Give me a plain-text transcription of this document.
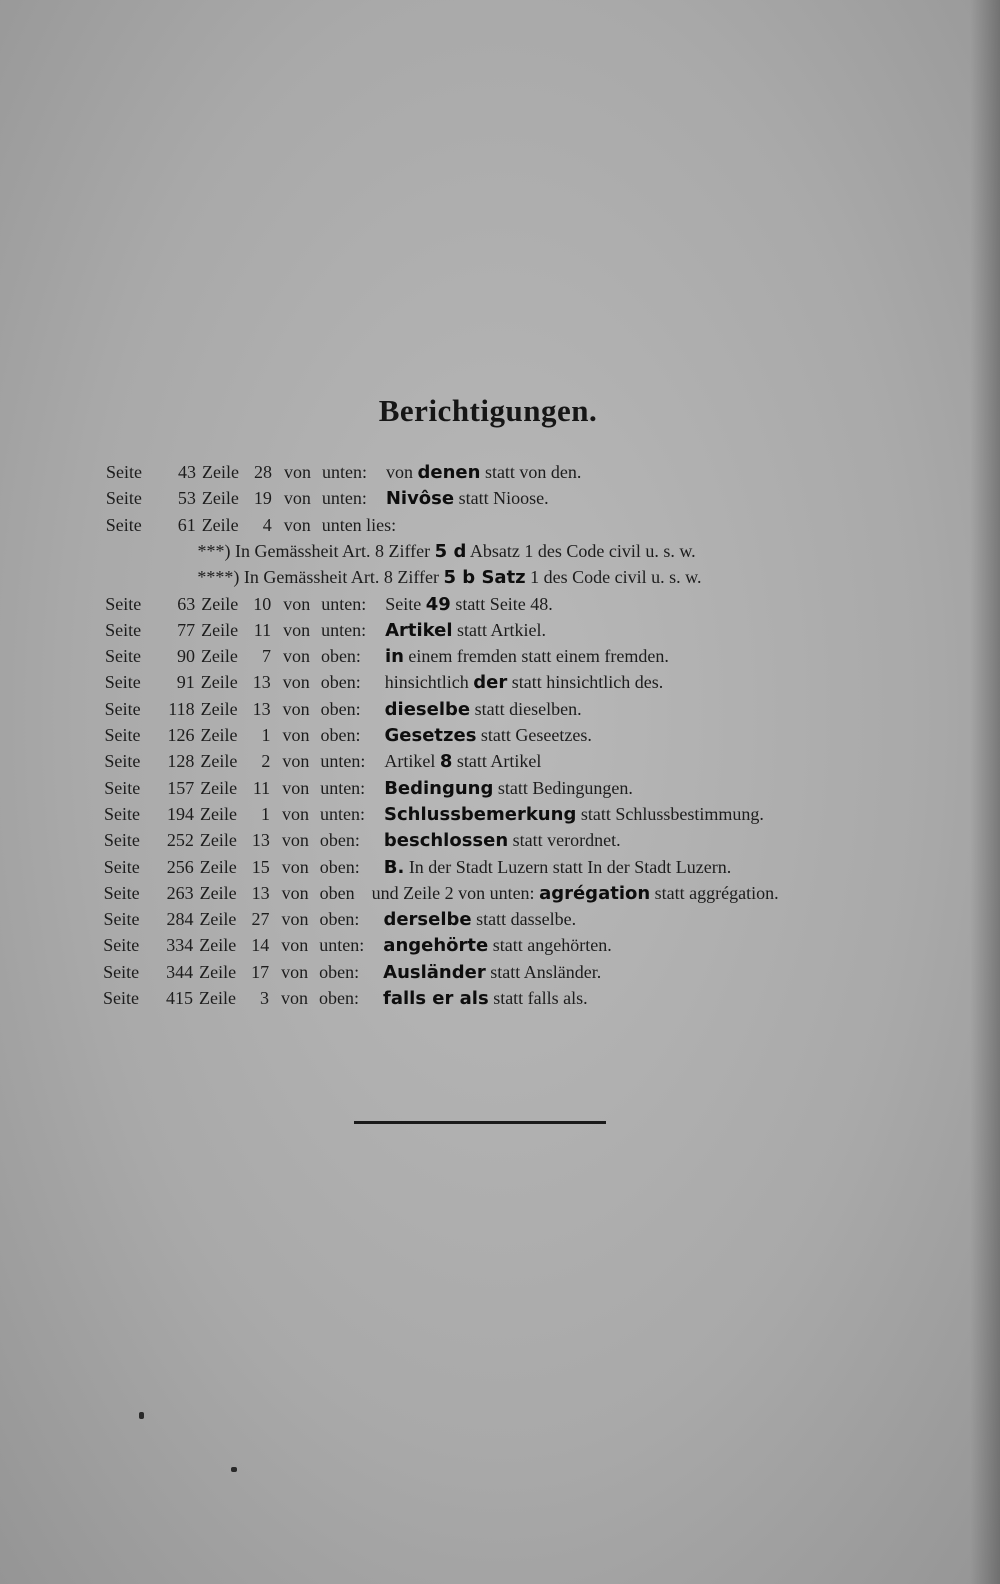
Berichtigungen.
Seite	43 Zeile 28 von unten: von denen statt von den.
Seite	53 Zeile 19 von unten: Nivôse statt Nioose.
Seite	61 Zeile	4 von unten lies:
***) In Gemässheit Art. 8 Ziffer 5 d Absatz 1 des Code civil u. s. w.
****) In Gemässheit Art. 8 Ziffer 5 b Satz 1 des Code civil u. s. w.
Seite	63 Zeile 10 von unten: Seite 49 statt Seite 48.
Seite	77 Zeile 11 von unten: Artikel statt Artkiel.
Seite	90 Zeile	7 von oben: in einem fremden statt einem fremden.
Seite	91 Zeile 13 von oben: hinsichtlich der statt hinsichtlich des.
Seite	118 Zeile 13 von oben: dieselbe statt dieselben.
Seite 126 Zeile	1 von oben: Gesetzes statt Geseetzes.
Seite 128 Zeile	2 von unten: Artikel 8 statt Artikel
Seite 157 Zeile 11 von unten: Bedingung statt Bedingungen.
Seite 194 Zeile	1 von unten: Schlussbemerkung statt Schlussbestimmung.
Seite 252 Zeile 13 von oben: beschlossen statt verordnet.
Seite 256 Zeile 15 von oben: B. In der Stadt Luzern statt In der Stadt Luzern.
Seite 263 Zeile 13 von oben und Zeile 2 von unten: agrégation statt aggrégation.
Seite 284 Zeile 27 von oben: derselbe statt dasselbe.
Seite 334 Zeile 14 von unten: angehörte statt angehörten.
Seite 344 Zeile 17 von oben: Ausländer statt Ansländer.
Seite 415 Zeile	3 von oben: falls er als statt falls als.
